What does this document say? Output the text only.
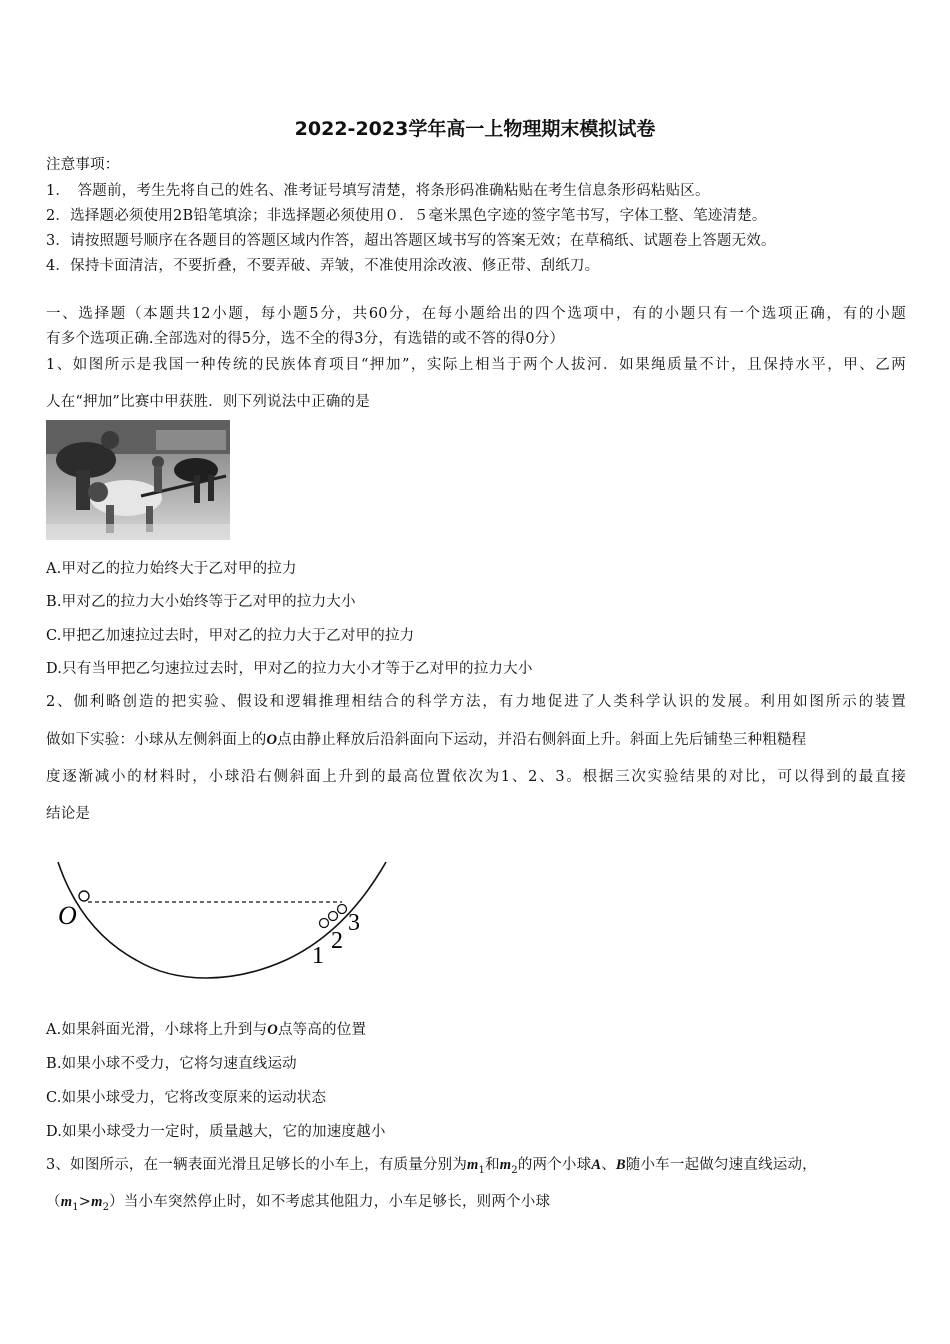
2022-2023学年高一上物理期末模拟试卷
注意事项：
1．　答题前，考生先将自己的姓名、准考证号填写清楚，将条形码准确粘贴在考生信息条形码粘贴区。
2．选择题必须使用2B铅笔填涂；非选择题必须使用０．５毫米黑色字迹的签字笔书写，字体工整、笔迹清楚。
3．请按照题号顺序在各题目的答题区域内作答，超出答题区域书写的答案无效；在草稿纸、试题卷上答题无效。
4．保持卡面清洁，不要折叠，不要弄破、弄皱，不准使用涂改液、修正带、刮纸刀。
一、选择题（本题共12小题，每小题5分，共60分，在每小题给出的四个选项中，有的小题只有一个选项正确，有的小题
有多个选项正确.全部选对的得5分，选不全的得3分，有选错的或不答的得0分）
1、如图所示是我国一种传统的民族体育项目“押加”，实际上相当于两个人拔河．如果绳质量不计，且保持水平，甲、乙两
人在“押加”比赛中甲获胜．则下列说法中正确的是
A.甲对乙的拉力始终大于乙对甲的拉力
B.甲对乙的拉力大小始终等于乙对甲的拉力大小
C.甲把乙加速拉过去时，甲对乙的拉力大于乙对甲的拉力
D.只有当甲把乙匀速拉过去时，甲对乙的拉力大小才等于乙对甲的拉力大小
2、伽利略创造的把实验、假设和逻辑推理相结合的科学方法，有力地促进了人类科学认识的发展。利用如图所示的装置
做如下实验：小球从左侧斜面上的O点由静止释放后沿斜面向下运动，并沿右侧斜面上升。斜面上先后铺垫三种粗糙程
度逐渐减小的材料时，小球沿右侧斜面上升到的最高位置依次为1、2、3。根据三次实验结果的对比，可以得到的最直接
结论是
O
1
2
3
A.如果斜面光滑，小球将上升到与O点等高的位置
B.如果小球不受力，它将匀速直线运动
C.如果小球受力，它将改变原来的运动状态
D.如果小球受力一定时，质量越大，它的加速度越小
3、如图所示，在一辆表面光滑且足够长的小车上，有质量分别为$m_1$和$m_2$的两个小球A、B随小车一起做匀速直线运动，
$(m_1>m_2)$当小车突然停止时，如不考虑其他阻力，小车足够长，则两个小球
